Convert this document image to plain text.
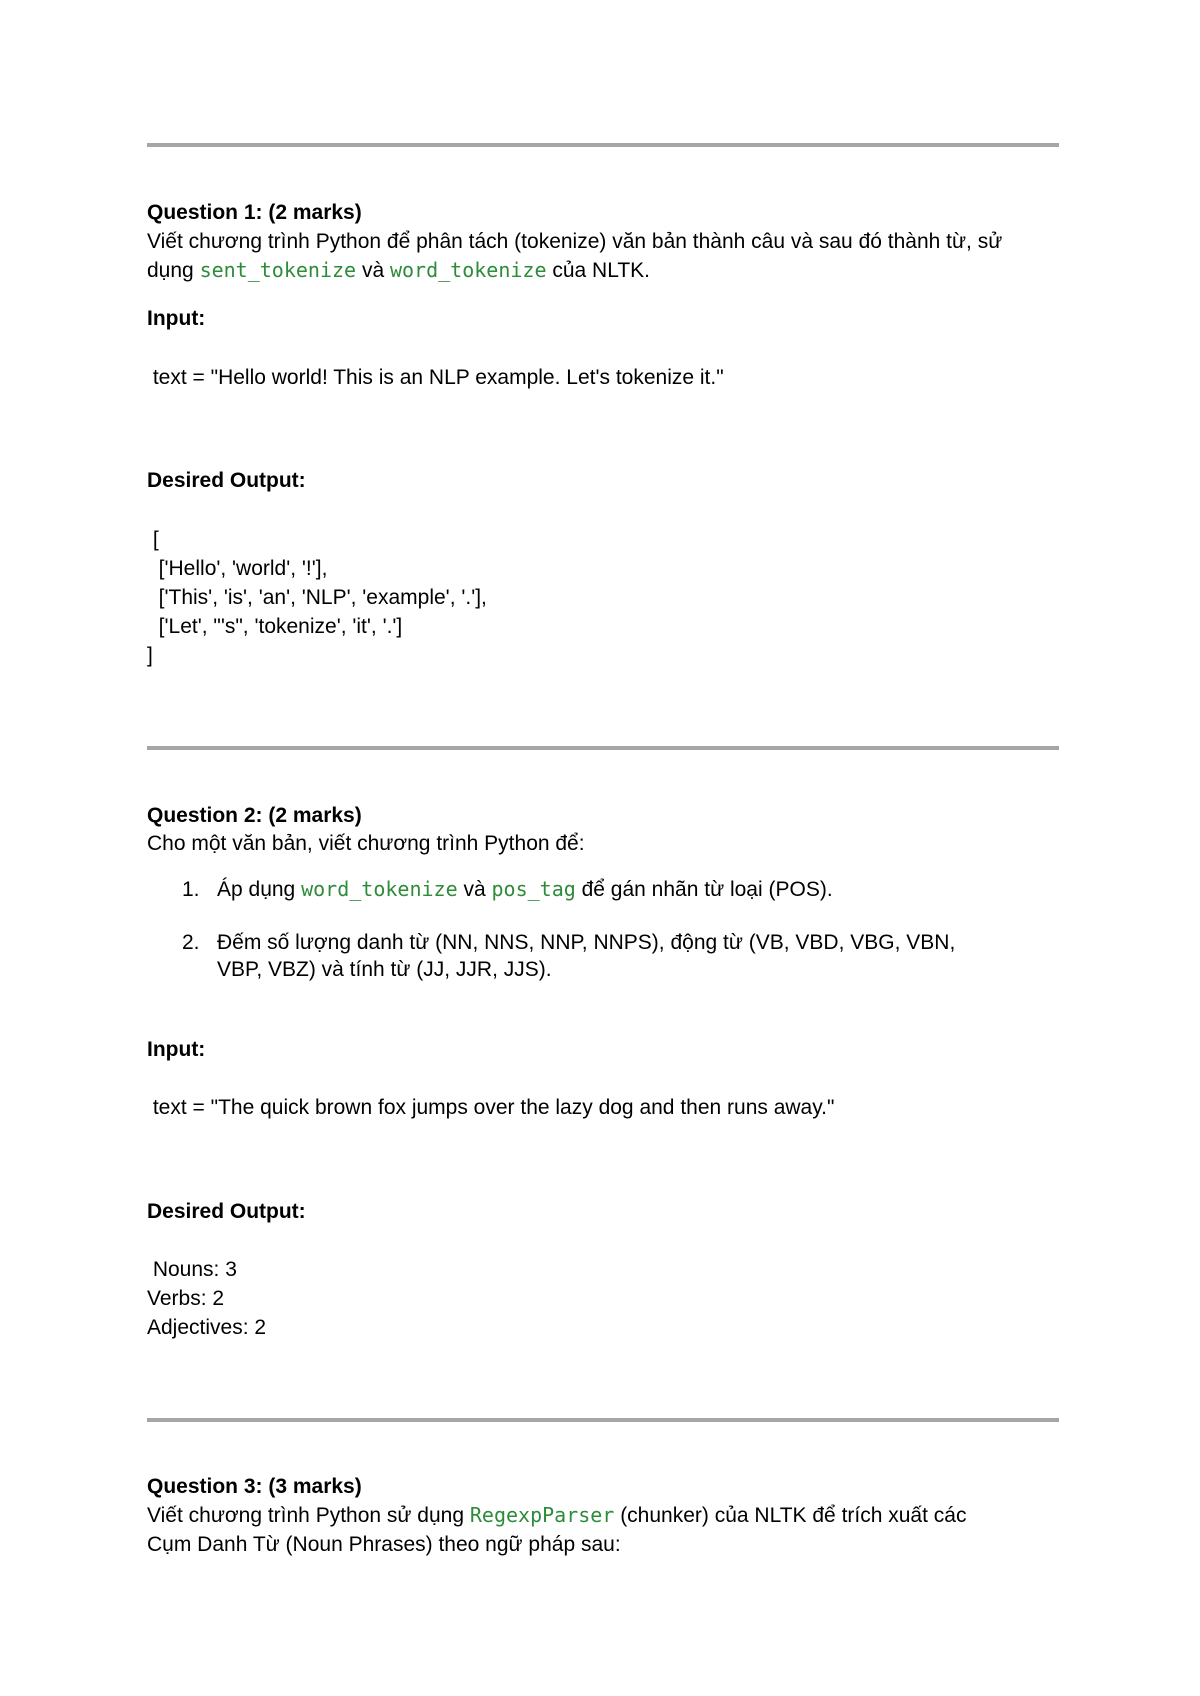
Question 1: (2 marks)
Viết chương trình Python để phân tách (tokenize) văn bản thành câu và sau đó thành từ, sử
dụng sent_tokenize và word_tokenize của NLTK.
Input:
text = "Hello world! This is an NLP example. Let's tokenize it."
Desired Output:
[
['Hello', 'world', '!'],
['This', 'is', 'an', 'NLP', 'example', '.'],
['Let', "'s", 'tokenize', 'it', '.']
]
Question 2: (2 marks)
Cho một văn bản, viết chương trình Python để:
1. Áp dụng word_tokenize và pos_tag để gán nhãn từ loại (POS).
2. Đếm số lượng danh từ (NN, NNS, NNP, NNPS), động từ (VB, VBD, VBG, VBN,
VBP, VBZ) và tính từ (JJ, JJR, JJS).
Input:
text = "The quick brown fox jumps over the lazy dog and then runs away."
Desired Output:
Nouns: 3
Verbs: 2
Adjectives: 2
Question 3: (3 marks)
Viết chương trình Python sử dụng RegexpParser (chunker) của NLTK để trích xuất các
Cụm Danh Từ (Noun Phrases) theo ngữ pháp sau:
